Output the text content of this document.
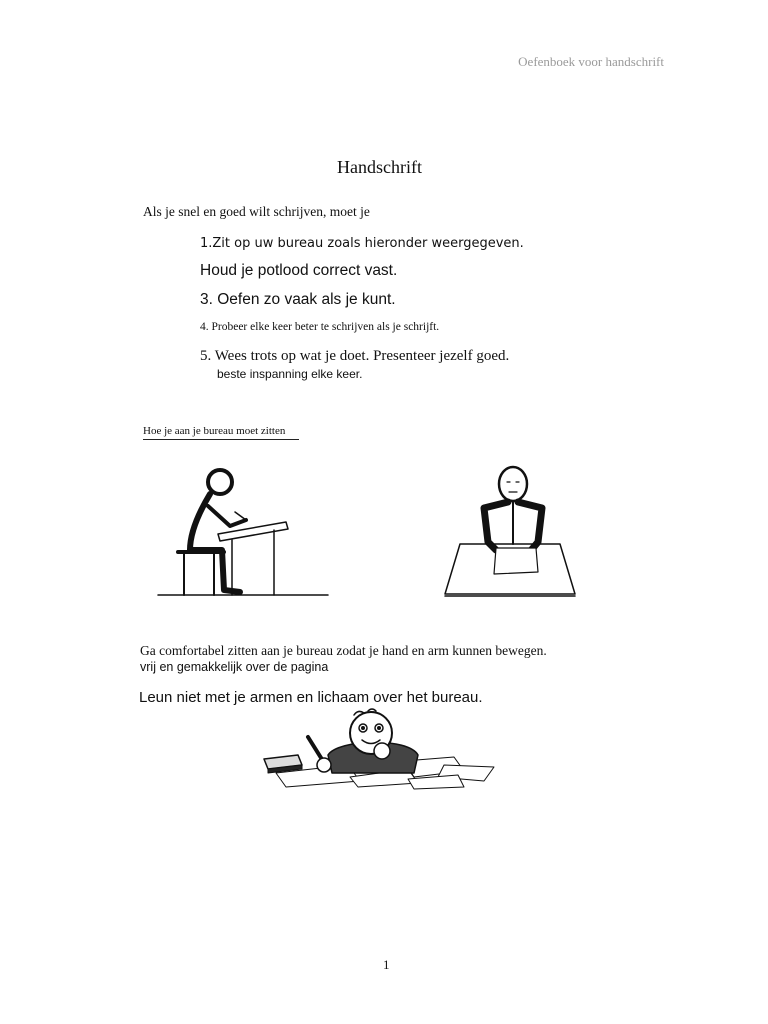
Oefenboek voor handschrift
Handschrift
Als je snel en goed wilt schrijven, moet je
1.Zit op uw bureau zoals hieronder weergegeven.
Houd je potlood correct vast.
3. Oefen zo vaak als je kunt.
4. Probeer elke keer beter te schrijven als je schrijft.
5. Wees trots op wat je doet. Presenteer jezelf goed.
beste inspanning elke keer.
Hoe je aan je bureau moet zitten
Ga comfortabel zitten aan je bureau zodat je hand en arm kunnen bewegen.
vrij en gemakkelijk over de pagina
Leun niet met je armen en lichaam over het bureau.
1
